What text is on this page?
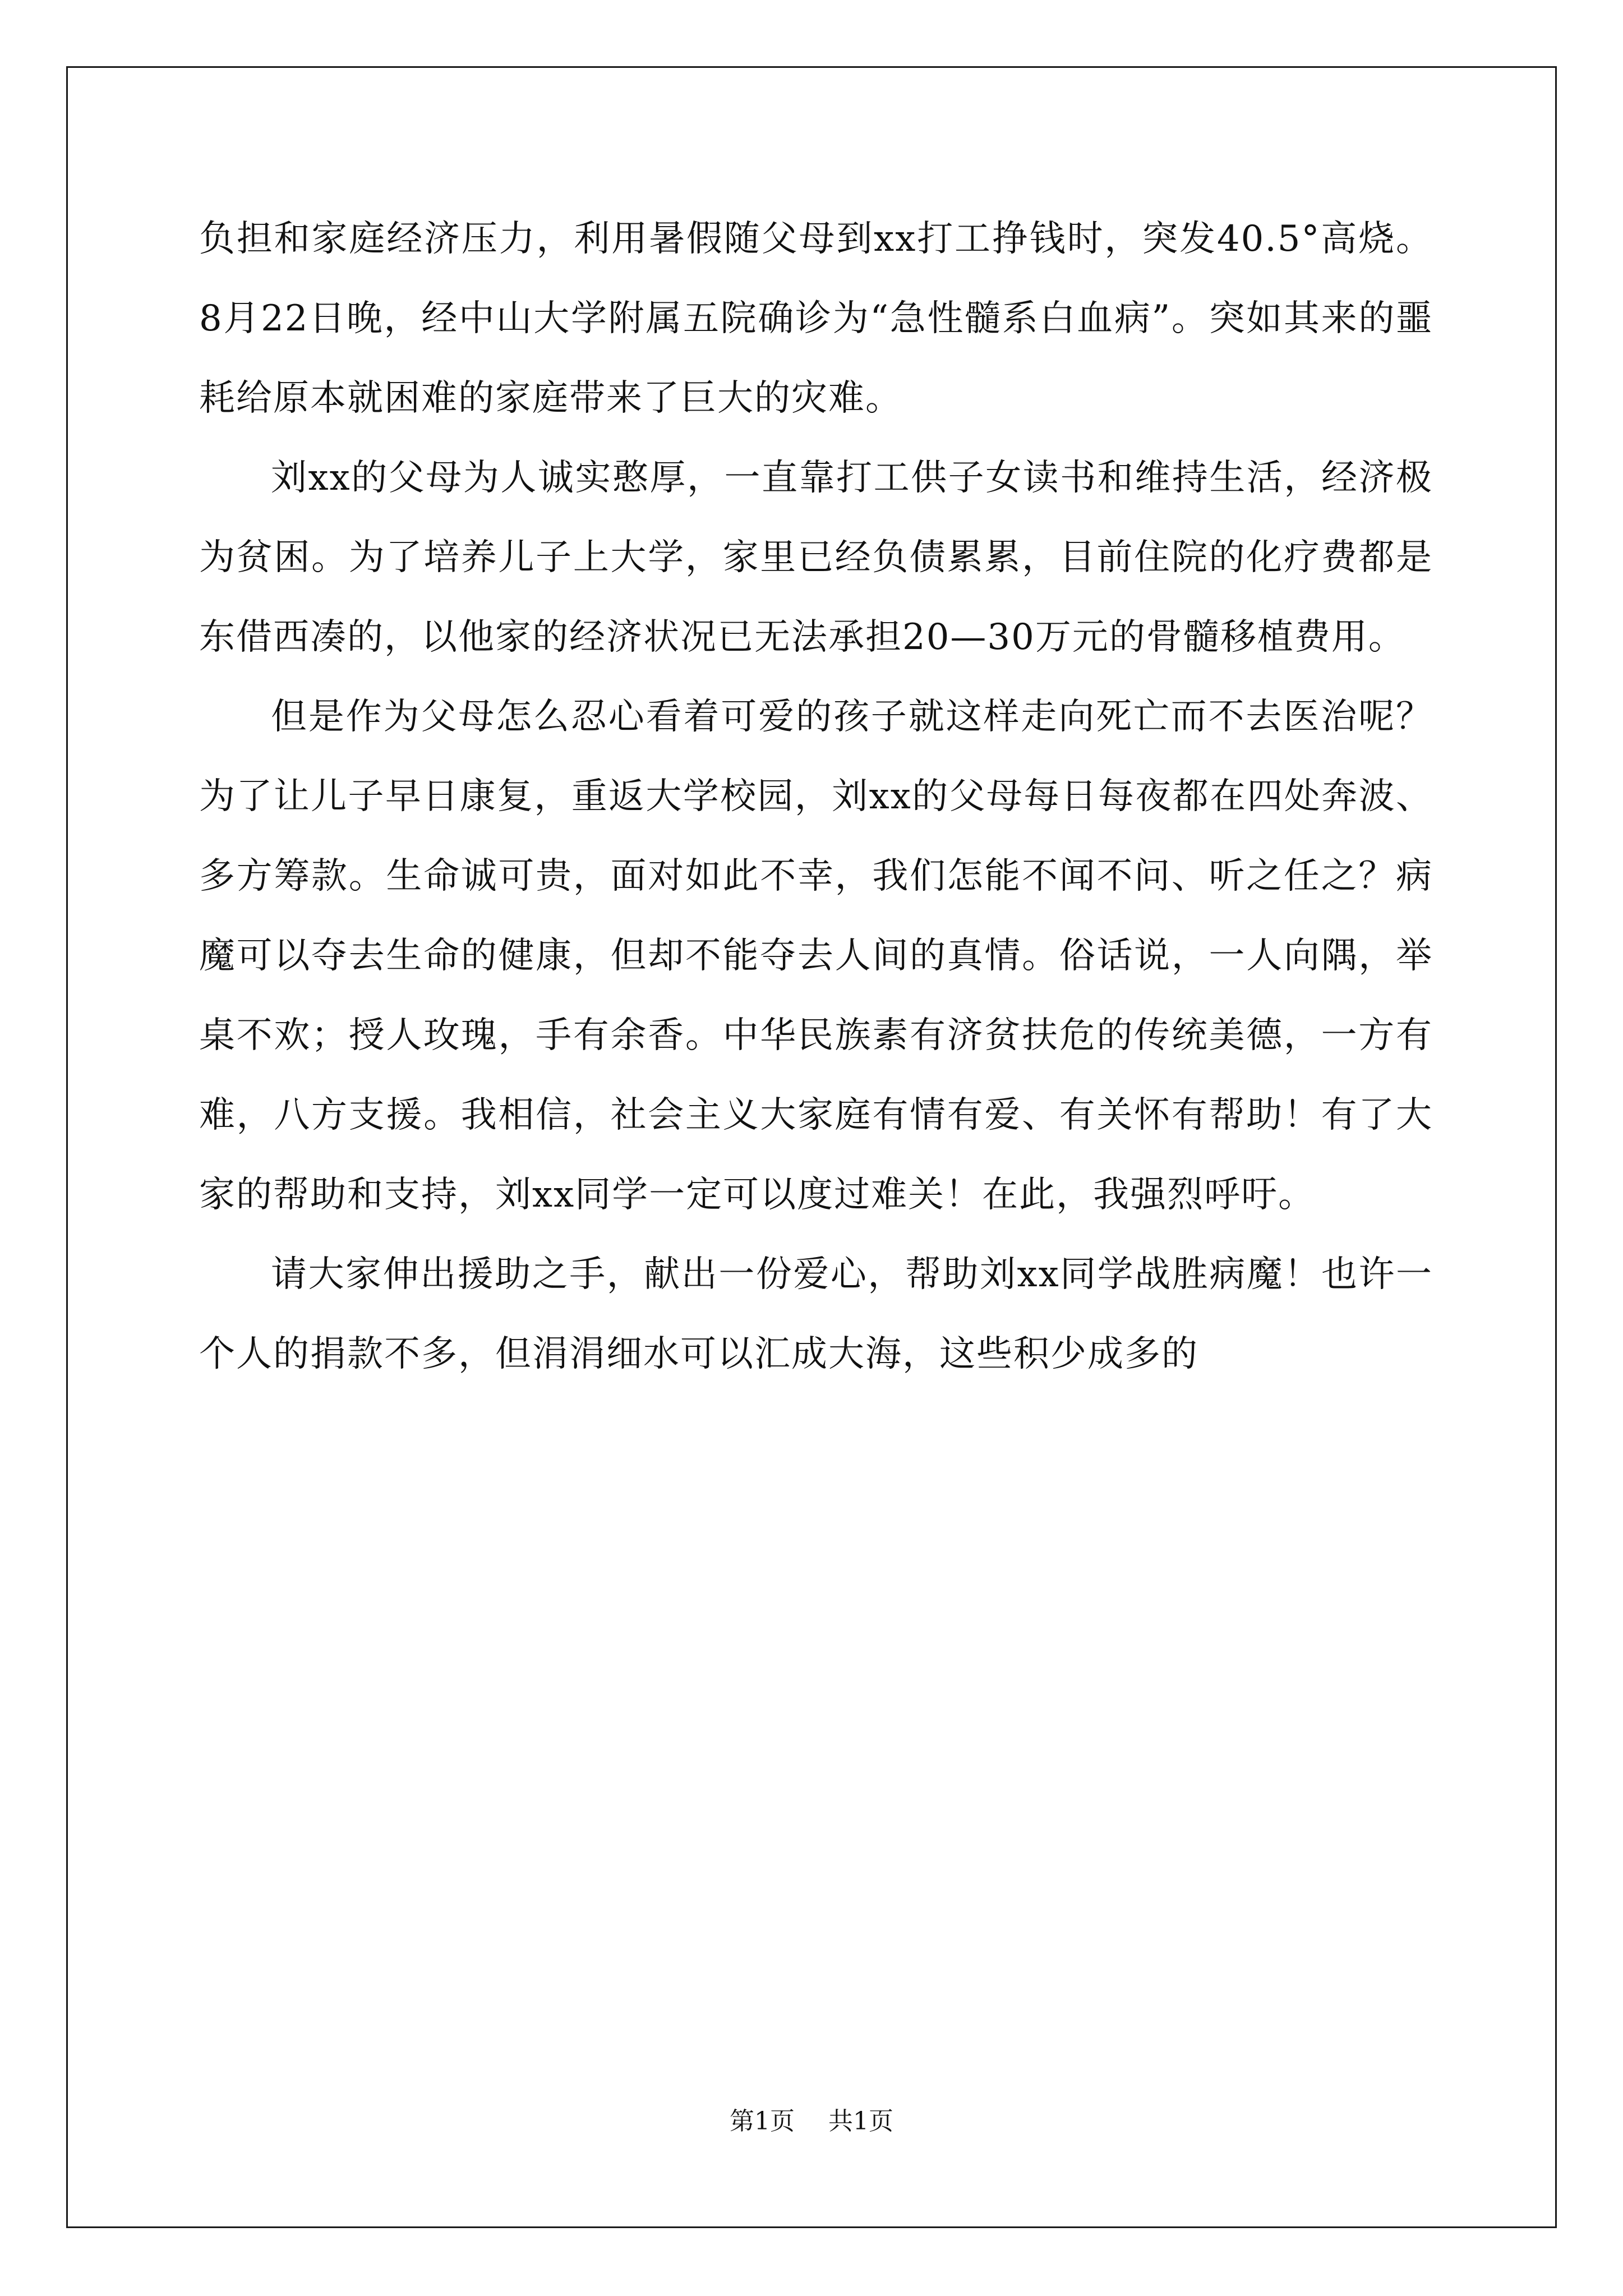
负担和家庭经济压力，利用暑假随父母到xx打工挣钱时，突发40.5°高烧。8月22日晚，经中山大学附属五院确诊为“急性髓系白血病”。突如其来的噩耗给原本就困难的家庭带来了巨大的灾难。

刘xx的父母为人诚实憨厚，一直靠打工供子女读书和维持生活，经济极为贫困。为了培养儿子上大学，家里已经负债累累，目前住院的化疗费都是东借西凑的，以他家的经济状况已无法承担20—30万元的骨髓移植费用。

但是作为父母怎么忍心看着可爱的孩子就这样走向死亡而不去医治呢？为了让儿子早日康复，重返大学校园，刘xx的父母每日每夜都在四处奔波、多方筹款。生命诚可贵，面对如此不幸，我们怎能不闻不问、听之任之？病魔可以夺去生命的健康，但却不能夺去人间的真情。俗话说，一人向隅，举桌不欢；授人玫瑰，手有余香。中华民族素有济贫扶危的传统美德，一方有难，八方支援。我相信，社会主义大家庭有情有爱、有关怀有帮助！有了大家的帮助和支持，刘xx同学一定可以度过难关！在此，我强烈呼吁。

请大家伸出援助之手，献出一份爱心，帮助刘xx同学战胜病魔！也许一个人的捐款不多，但涓涓细水可以汇成大海，这些积少成多的

第1页 共1页
